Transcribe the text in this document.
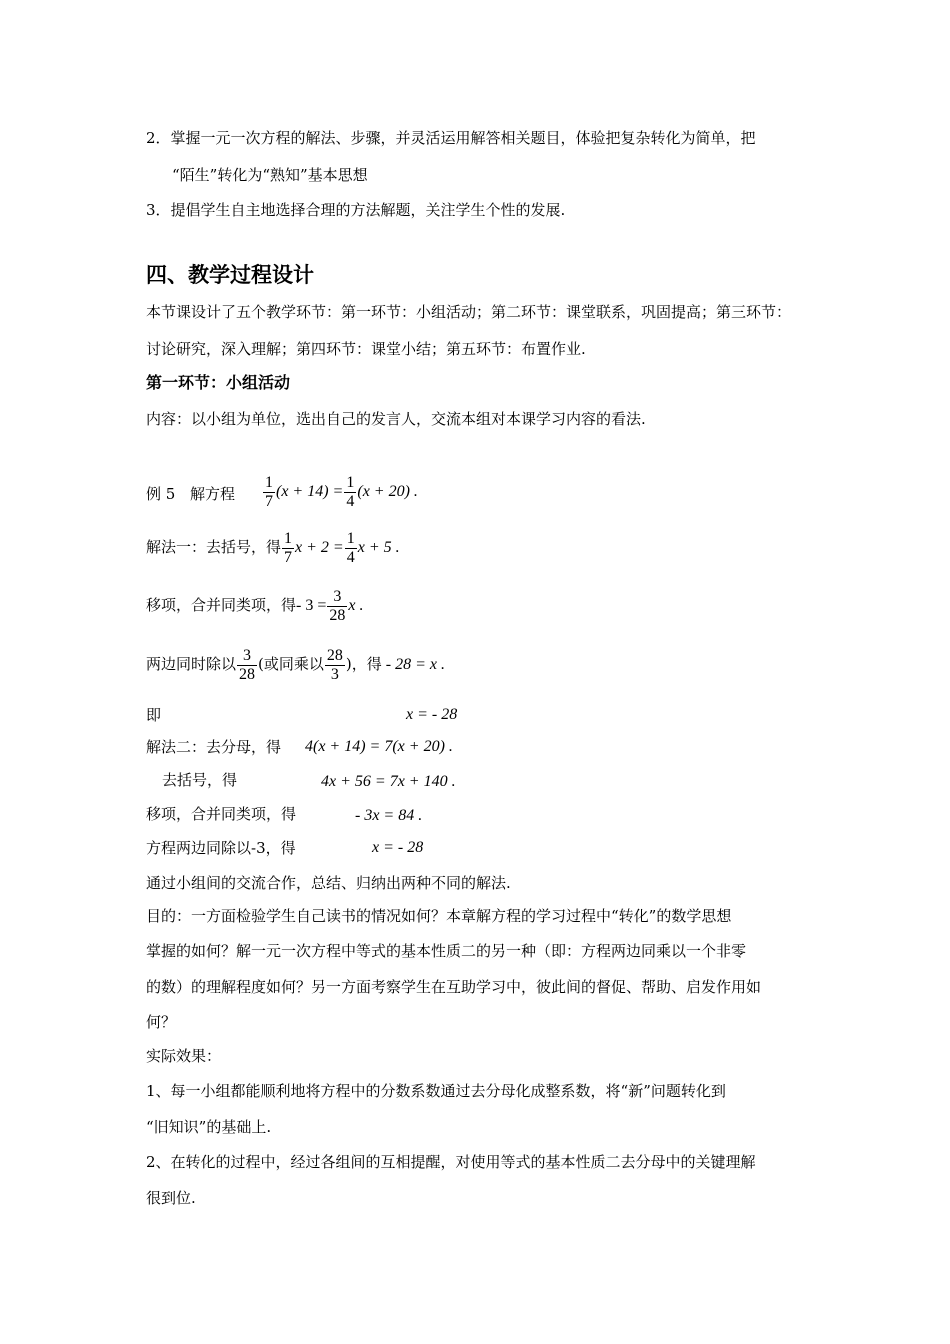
2．掌握一元一次方程的解法、步骤，并灵活运用解答相关题目，体验把复杂转化为简单，把
“陌生”转化为“熟知”基本思想
3．提倡学生自主地选择合理的方法解题，关注学生个性的发展.
四、教学过程设计
本节课设计了五个教学环节：第一环节：小组活动；第二环节：课堂联系，巩固提高；第三环节：
讨论研究，深入理解；第四环节：课堂小结；第五环节：布置作业.
第一环节：小组活动
内容：以小组为单位，选出自己的发言人，交流本组对本课学习内容的看法.
例 5 解方程 $\frac{1}{7} (x + 14) = \frac{1}{4} (x + 20)$ .
解法一：去括号，得 $\frac{1}{7}$ $x + 2 = \frac{1}{4}$ x + 5 .
移项，合并同类项，得- $3 = \frac{3}{28}$ x .
两边同时除以 $\frac{3}{28}$ (或同乘以 $\frac{28}{3}$ )，得 - 28 = x .
即	x = - 28
解法二：去分母，得 4(x + 14) = 7(x + 20) .
去括号，得	4x + 56 = 7x + 140 .
移项，合并同类项，得	- 3x = 84 .
方程两边同除以-3，得	x = - 28
通过小组间的交流合作，总结、归纳出两种不同的解法.
目的：一方面检验学生自己读书的情况如何？本章解方程的学习过程中“转化”的数学思想
掌握的如何？解一元一次方程中等式的基本性质二的另一种（即：方程两边同乘以一个非零
的数）的理解程度如何？另一方面考察学生在互助学习中，彼此间的督促、帮助、启发作用如
何？
实际效果：
1、每一小组都能顺利地将方程中的分数系数通过去分母化成整系数，将“新”问题转化到
“旧知识”的基础上.
2、在转化的过程中，经过各组间的互相提醒，对使用等式的基本性质二去分母中的关键理解
很到位.
